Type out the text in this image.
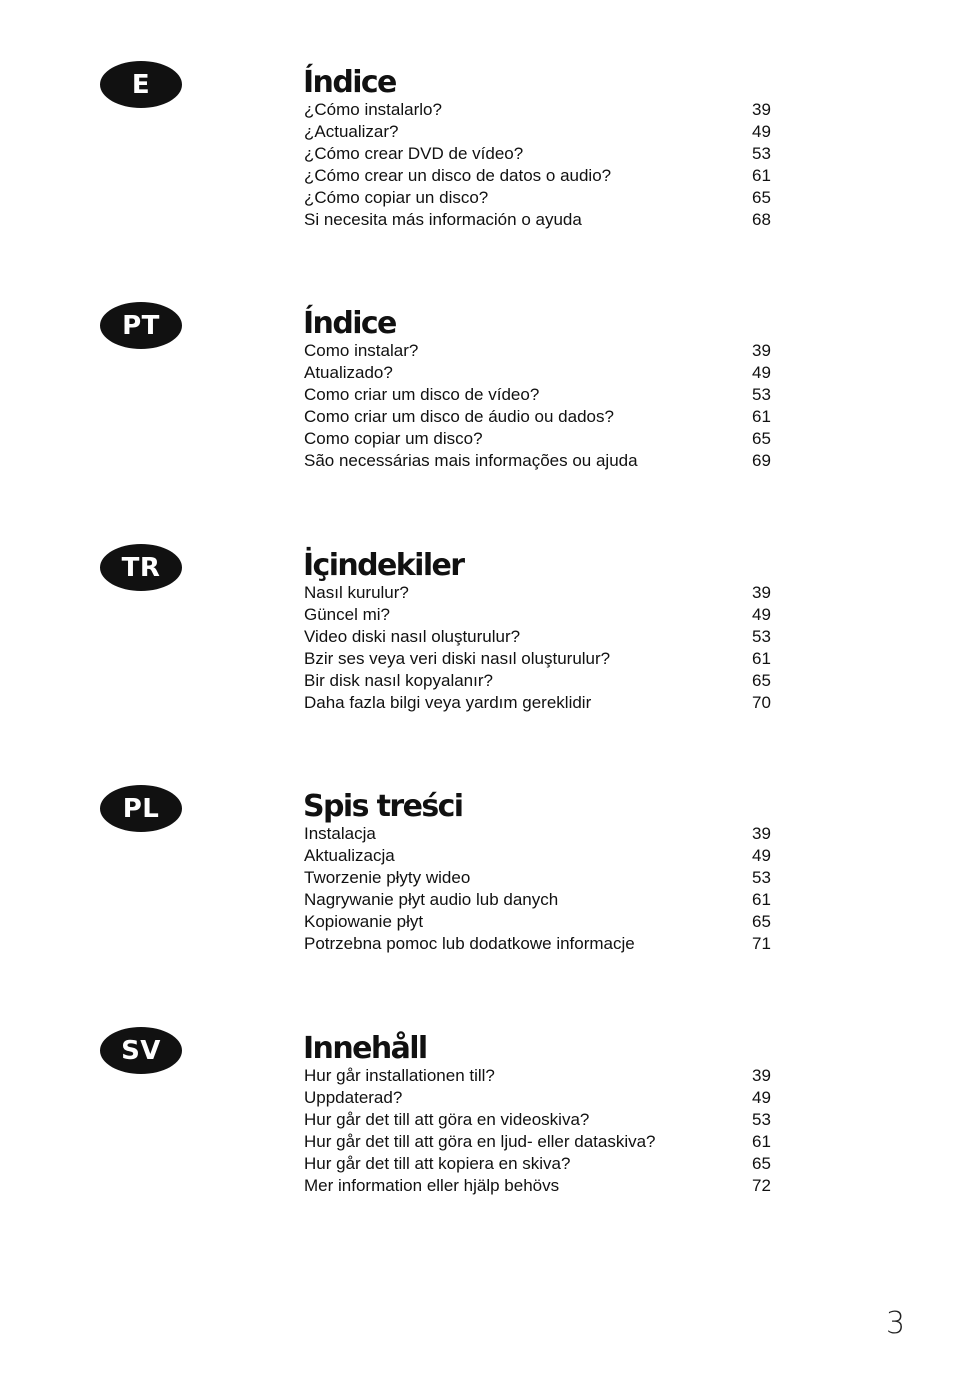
E	Índice
¿Cómo instalarlo?	39
¿Actualizar?	49
¿Cómo crear DVD de vídeo?	53
¿Cómo crear un disco de datos o audio?	61
¿Cómo copiar un disco?	65
Si necesita más información o ayuda	68
PT	Índice
Como instalar?	39
Atualizado?	49
Como criar um disco de vídeo?	53
Como criar um disco de áudio ou dados?	61
Como copiar um disco?	65
São necessárias mais informações ou ajuda	69
TR	İçindekiler
Nasıl kurulur?	39
Güncel mi?	49
Video diski nasıl oluşturulur?	53
Bzir ses veya veri diski nasıl oluşturulur?	61
Bir disk nasıl kopyalanır?	65
Daha fazla bilgi veya yardım gereklidir	70
PL	Spis treści
Instalacja	39
Aktualizacja	49
Tworzenie płyty wideo	53
Nagrywanie płyt audio lub danych	61
Kopiowanie płyt	65
Potrzebna pomoc lub dodatkowe informacje	71
SV	Innehåll
Hur går installationen till?	39
Uppdaterad?	49
Hur går det till att göra en videoskiva?	53
Hur går det till att göra en ljud- eller dataskiva?	61
Hur går det till att kopiera en skiva?	65
Mer information eller hjälp behövs	72
3
